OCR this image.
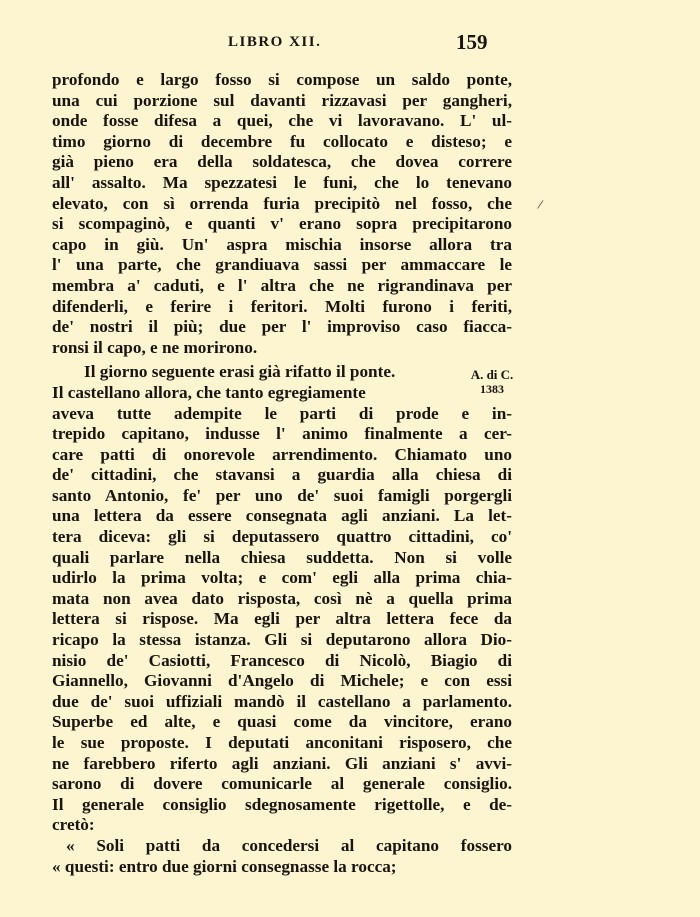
LIBRO XII.	159
/
A. di C.
1383
profondo e largo fosso si compose un saldo ponte,
una cui porzione sul davanti rizzavasi per gangheri,
onde fosse difesa a quei, che vi lavoravano. L' ul-
timo giorno di decembre fu collocato e disteso; e
già pieno era della soldatesca, che dovea correre
all' assalto. Ma spezzatesi le funi, che lo tenevano
elevato, con sì orrenda furia precipitò nel fosso, che
si scompaginò, e quanti v' erano sopra precipitarono
capo in giù. Un' aspra mischia insorse allora tra
l' una parte, che grandiuava sassi per ammaccare le
membra a' caduti, e l' altra che ne rigrandinava per
difenderli, e ferire i feritori. Molti furono i feriti,
de' nostri il più; due per l' improviso caso fiacca-
ronsi il capo, e ne morirono.
Il giorno seguente erasi già rifatto il ponte.
Il castellano allora, che tanto egregiamente
aveva tutte adempite le parti di prode e in-
trepido capitano, indusse l' animo finalmente a cer-
care patti di onorevole arrendimento. Chiamato uno
de' cittadini, che stavansi a guardia alla chiesa di
santo Antonio, fe' per uno de' suoi famigli porgergli
una lettera da essere consegnata agli anziani. La let-
tera diceva: gli si deputassero quattro cittadini, co'
quali parlare nella chiesa suddetta. Non si volle
udirlo la prima volta; e com' egli alla prima chia-
mata non avea dato risposta, così nè a quella prima
lettera si rispose. Ma egli per altra lettera fece da
ricapo la stessa istanza. Gli si deputarono allora Dio-
nisio de' Casiotti, Francesco di Nicolò, Biagio di
Giannello, Giovanni d'Angelo di Michele; e con essi
due de' suoi uffiziali mandò il castellano a parlamento.
Superbe ed alte, e quasi come da vincitore, erano
le sue proposte. I deputati anconitani risposero, che
ne farebbero riferto agli anziani. Gli anziani s' avvi-
sarono di dovere comunicarle al generale consiglio.
Il generale consiglio sdegnosamente rigettolle, e de-
cretò:
« Soli patti da concedersi al capitano fossero
« questi: entro due giorni consegnasse la rocca;
